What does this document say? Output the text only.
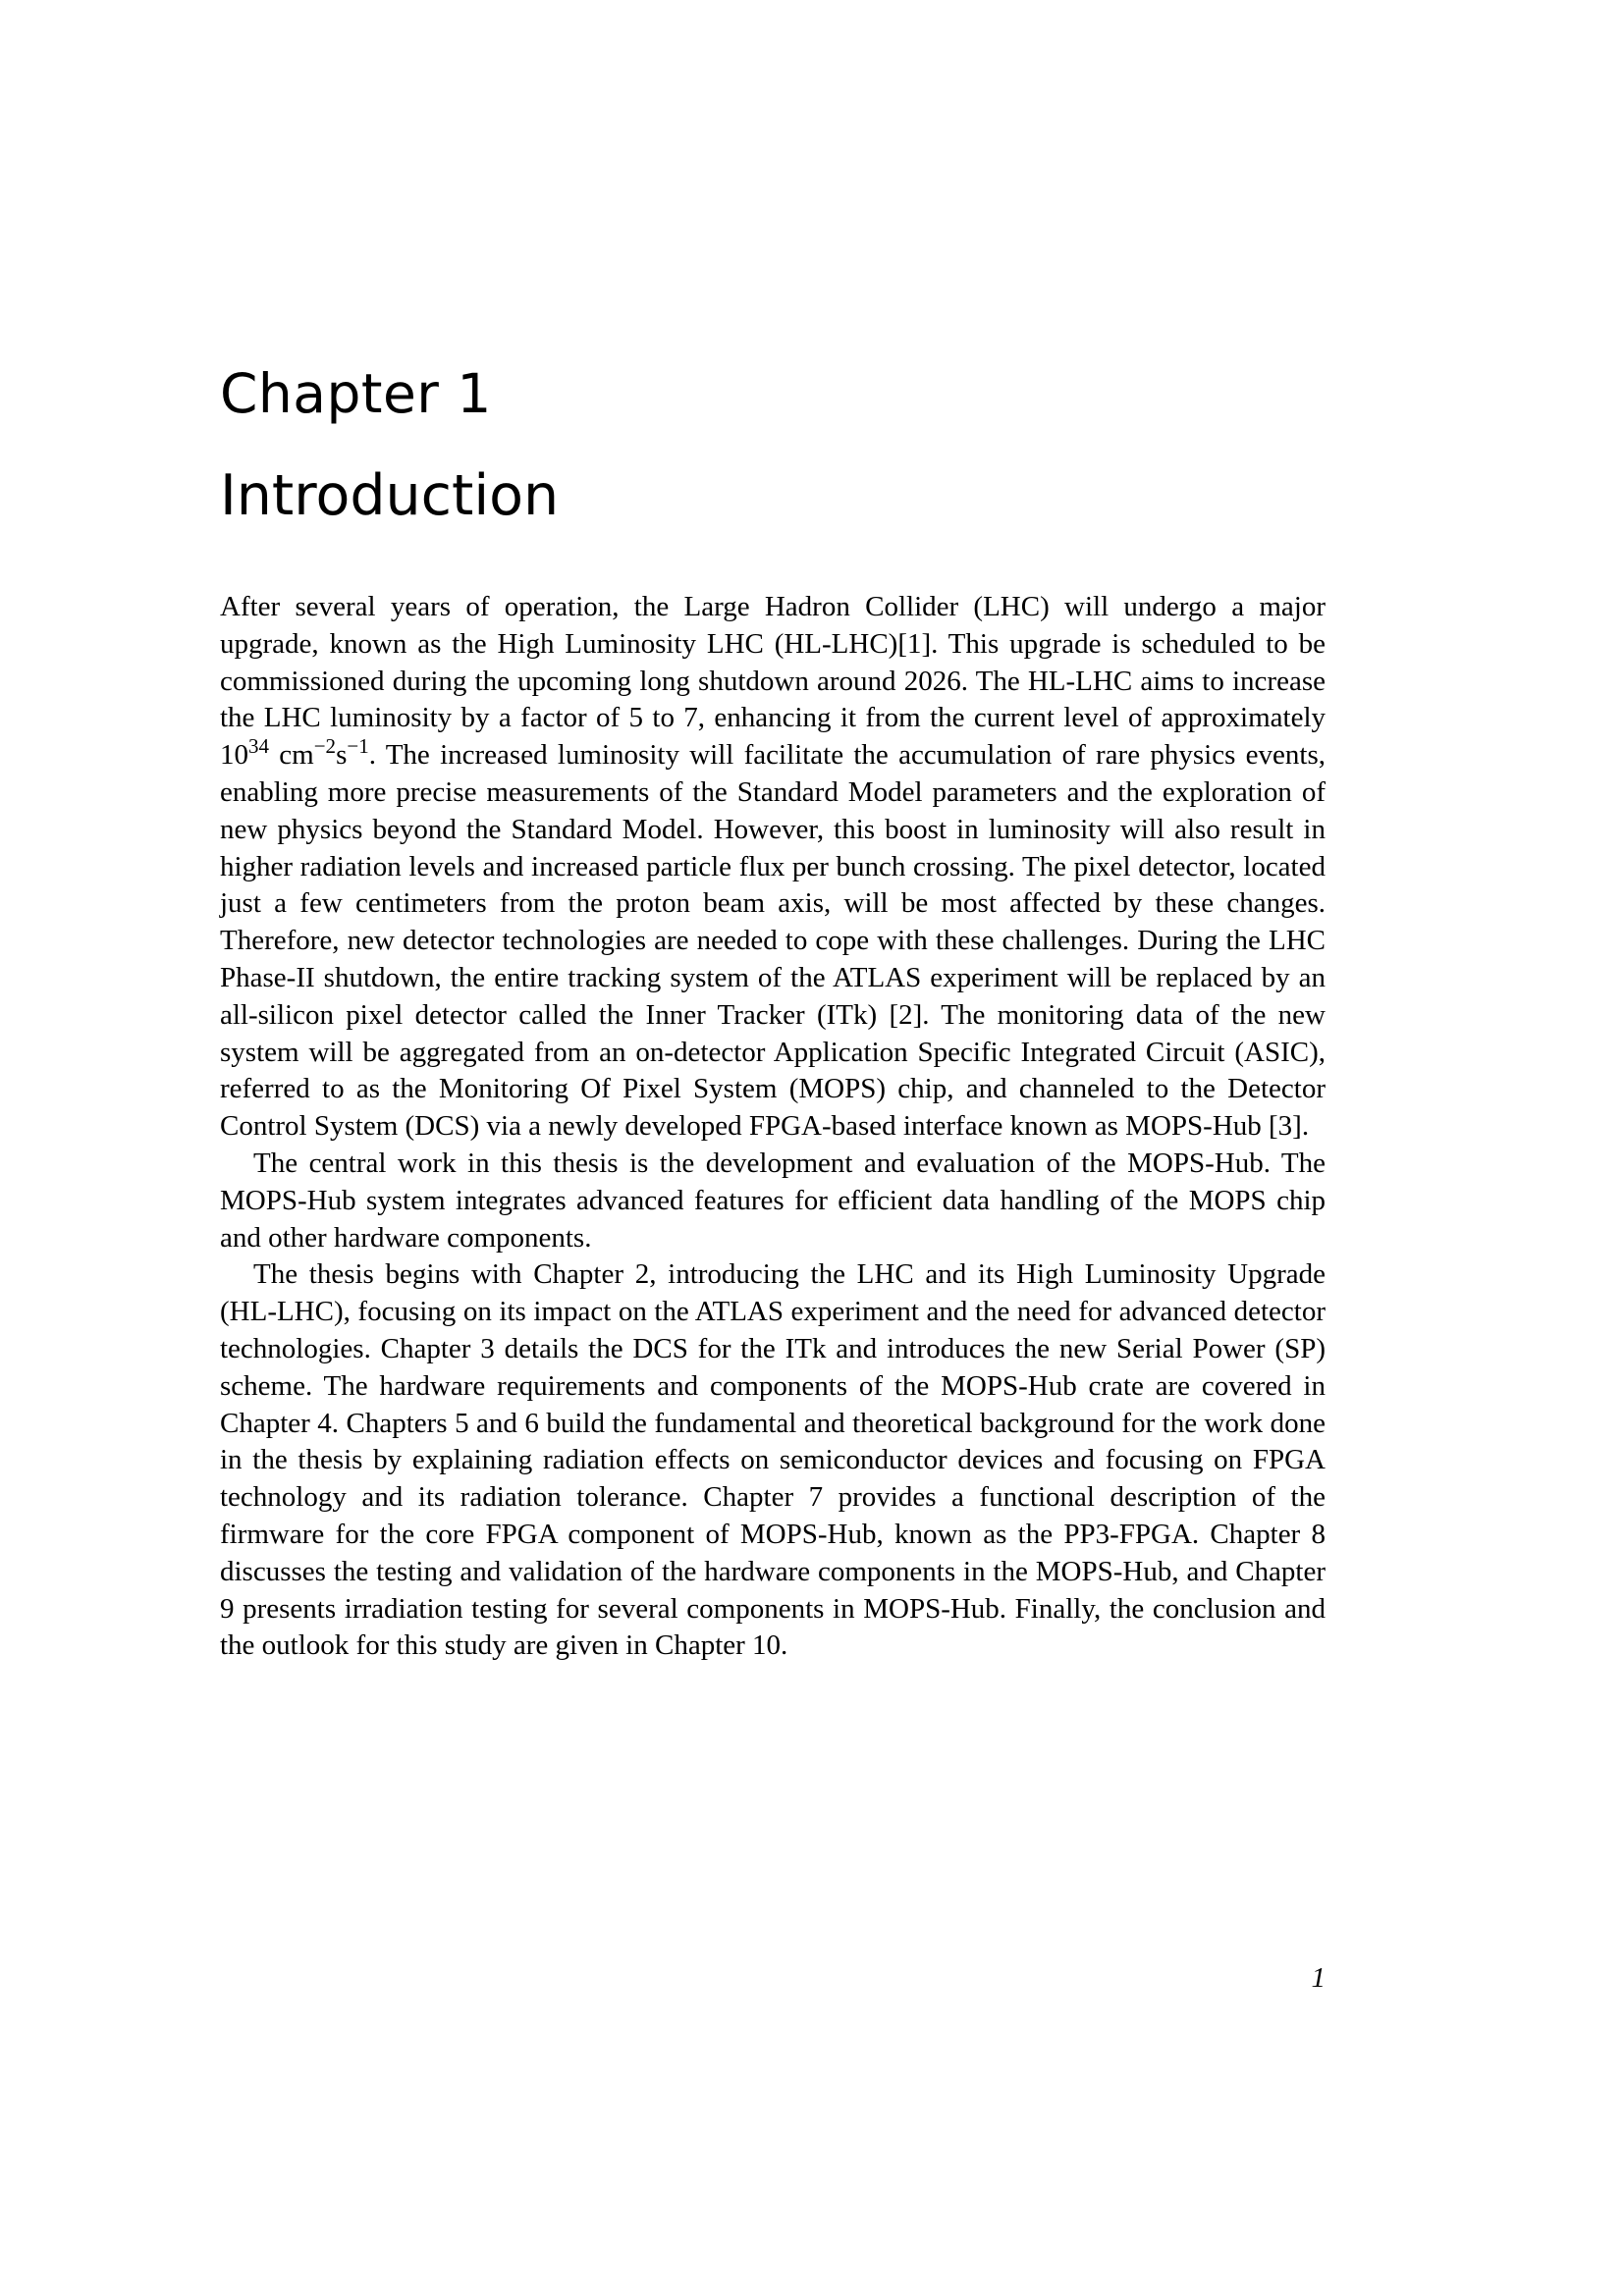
Chapter 1
Introduction

After several years of operation, the Large Hadron Collider (LHC) will undergo a major upgrade, known as the High Luminosity LHC (HL-LHC)[1]. This upgrade is scheduled to be commissioned during the upcoming long shutdown around 2026. The HL-LHC aims to increase the LHC luminosity by a factor of 5 to 7, enhancing it from the current level of approximately $10^{34}$ $cm^{-2}s^{-1}$. The increased luminosity will facilitate the accumulation of rare physics events, enabling more precise measurements of the Standard Model parameters and the exploration of new physics beyond the Standard Model. However, this boost in luminosity will also result in higher radiation levels and increased particle flux per bunch crossing. The pixel detector, located just a few centimeters from the proton beam axis, will be most affected by these changes. Therefore, new detector technologies are needed to cope with these challenges. During the LHC Phase-II shutdown, the entire tracking system of the ATLAS experiment will be replaced by an all-silicon pixel detector called the Inner Tracker (ITk) [2]. The monitoring data of the new system will be aggregated from an on-detector Application Specific Integrated Circuit (ASIC), referred to as the Monitoring Of Pixel System (MOPS) chip, and channeled to the Detector Control System (DCS) via a newly developed FPGA-based interface known as MOPS-Hub [3].

The central work in this thesis is the development and evaluation of the MOPS-Hub. The MOPS-Hub system integrates advanced features for efficient data handling of the MOPS chip and other hardware components.

The thesis begins with Chapter 2, introducing the LHC and its High Luminosity Upgrade (HL-LHC), focusing on its impact on the ATLAS experiment and the need for advanced detector technologies. Chapter 3 details the DCS for the ITk and introduces the new Serial Power (SP) scheme. The hardware requirements and components of the MOPS-Hub crate are covered in Chapter 4. Chapters 5 and 6 build the fundamental and theoretical background for the work done in the thesis by explaining radiation effects on semiconductor devices and focusing on FPGA technology and its radiation tolerance. Chapter 7 provides a functional description of the firmware for the core FPGA component of MOPS-Hub, known as the PP3-FPGA. Chapter 8 discusses the testing and validation of the hardware components in the MOPS-Hub, and Chapter 9 presents irradiation testing for several components in MOPS-Hub. Finally, the conclusion and the outlook for this study are given in Chapter 10.

1
